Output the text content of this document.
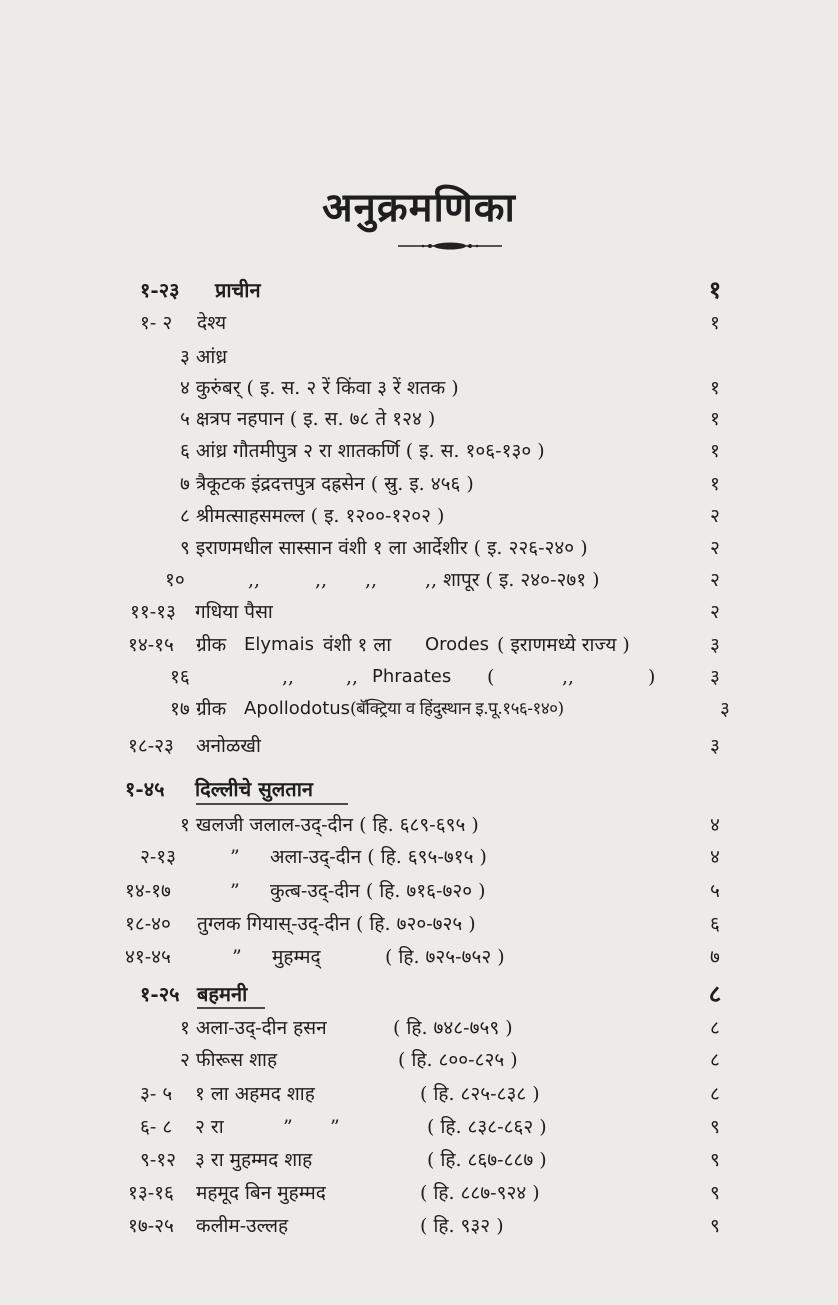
अनुक्रमणिका
१-२३ प्राचीन	१
१- २ देश्य	१
३ आंध्र
४ कुरुंबर् ( इ. स. २ रें किंवा ३ रें शतक )	१
५ क्षत्रप नहपान ( इ. स. ७८ ते १२४ )	१
६ आंध्र गौतमीपुत्र २ रा शातकर्णि ( इ. स. १०६-१३० )	१
७ त्रैकूटक इंद्रदत्तपुत्र दह्रसेन ( स्रु. इ. ४५६ )	१
८ श्रीमत्साहसमल्ल ( इ. १२००-१२०२ )	२
९ इराणमधील सास्सान वंशी १ ला आर्देशीर ( इ. २२६-२४० )	२
१०	,,	,, ,,	,, शापूर ( इ. २४०-२७१ )	२
११-१३ गधिया पैसा	२
१४-१५ ग्रीक Elymais वंशी १ ला Orodes ( इराणमध्ये राज्य )	३
१६	,,	,, Phraates (	,,	)	३
१७ ग्रीक Apollodotus (बॅक्ट्रिया व हिंदुस्थान इ.पू.१५६-१४०)	३
१८-२३ अनोळखी	३
१-४५ दिल्लीचे सुलतान
१ खलजी जलाल-उद्-दीन ( हि. ६८९-६९५ )	४
२-१३	” अला-उद्-दीन ( हि. ६९५-७१५ )	४
१४-१७	” कुत्ब-उद्-दीन ( हि. ७१६-७२० )	५
१८-४० तुग्लक गियास्-उद्-दीन ( हि. ७२०-७२५ )	६
४१-४५	” मुहम्मद्	( हि. ७२५-७५२ )	७
१-२५ बहमनी	८
१ अला-उद्-दीन हसन	( हि. ७४८-७५९ )	८
२ फीरूस शाह	( हि. ८००-८२५ )	८
३- ५ १ ला अहमद शाह	( हि. ८२५-८३८ )	८
६- ८ २ रा	” ”	( हि. ८३८-८६२ )	९
९-१२ ३ रा मुहम्मद शाह	( हि. ८६७-८८७ )	९
१३-१६ महमूद बिन मुहम्मद	( हि. ८८७-९२४ )	९
१७-२५ कलीम-उल्लह	( हि. ९३२ )	९
